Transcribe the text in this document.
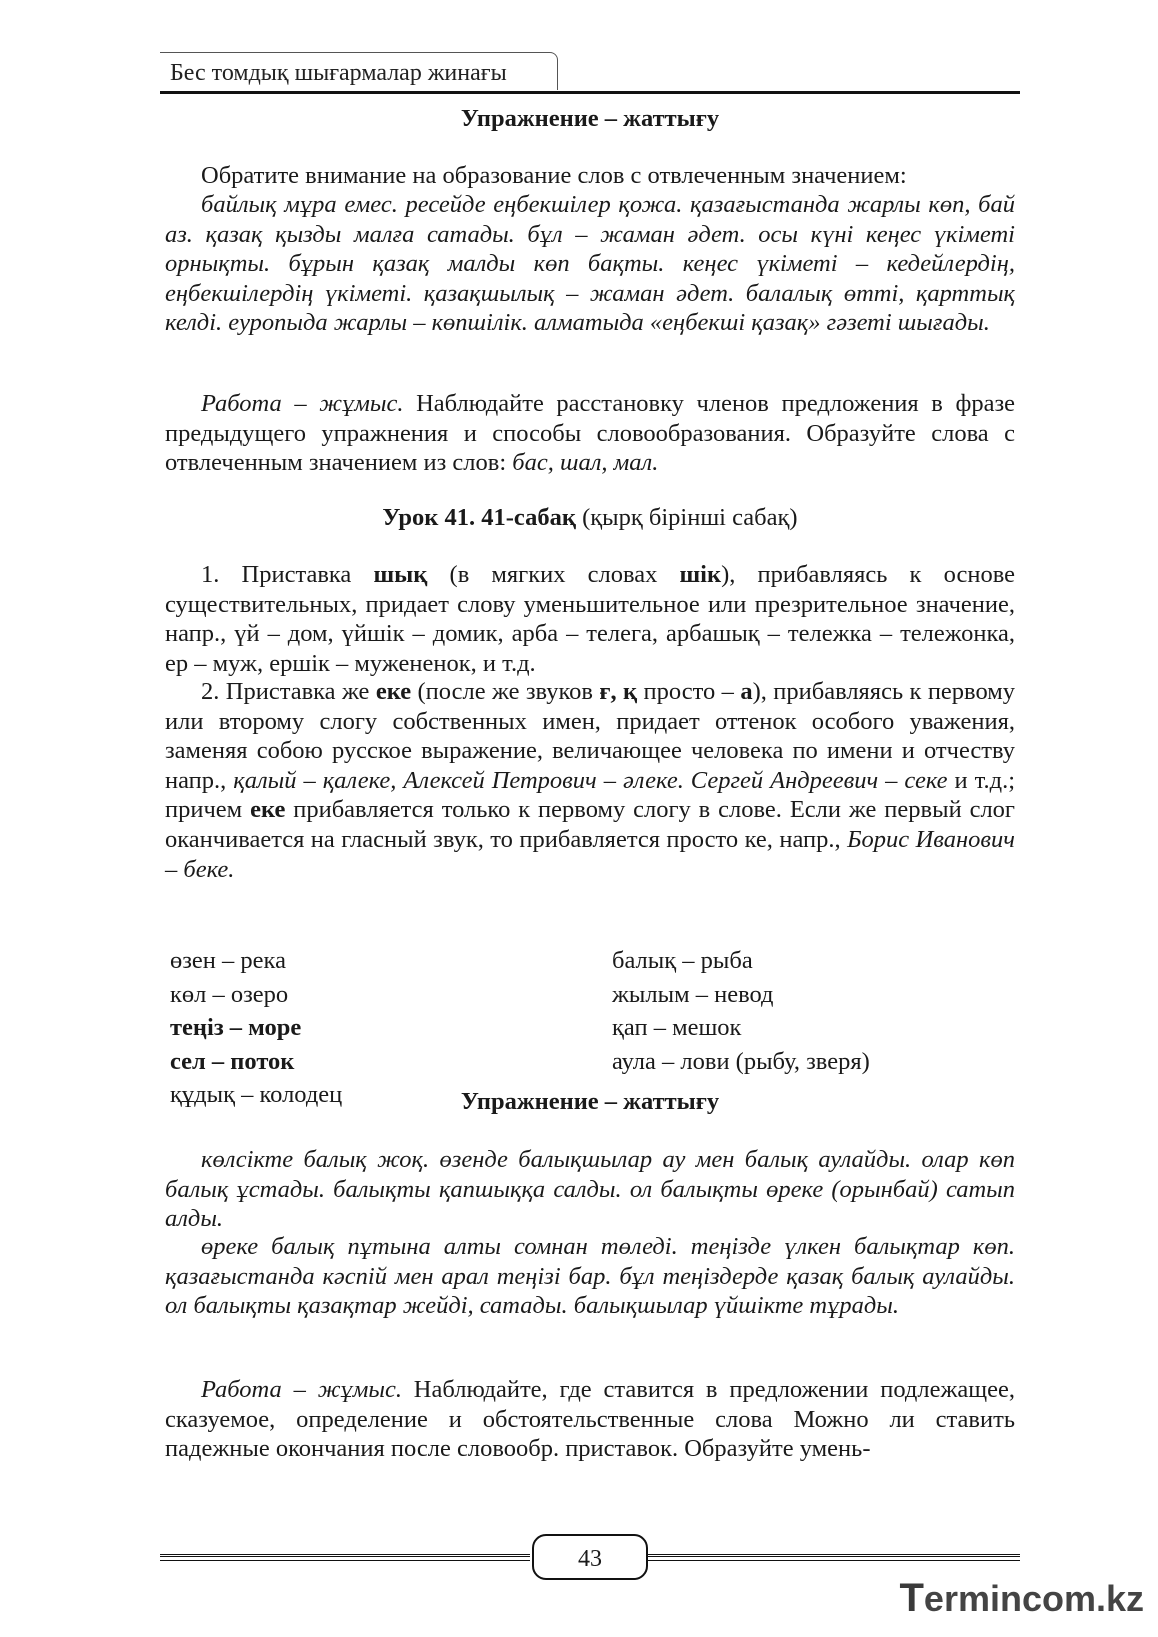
Бес томдық шығармалар жинағы

Упражнение – жаттығу

Обратите внимание на образование слов с отвлеченным значением:

байлық мұра емес. ресейде еңбекшілер қожа. қазағыстанда жарлы көп, бай аз. қазақ қызды малға сатады. бұл – жаман әдет. осы күні кеңес үкіметі орнықты. бұрын қазақ малды көп бақты. кеңес үкіметі – кедейлердің, еңбекшілердің үкіметі. қазақшылық – жаман әдет. балалық өтті, қарттық келді. еуропыда жарлы – көпшілік. алматыда «еңбекші қазақ» гәзеті шығады.

Работа – жұмыс. Наблюдайте расстановку членов предложения в фразе предыдущего упражнения и способы словообразования. Образуйте слова с отвлеченным значением из слов: бас, шал, мал.

Урок 41. 41-сабақ (қырқ бірінші сабақ)

1. Приставка шық (в мягких словах шік), прибавляясь к основе существительных, придает слову уменьшительное или презрительное значение, напр., үй – дом, үйшік – домик, арба – телега, арбашық – тележка – тележонка, ер – муж, ершік – мужененок, и т.д.

2. Приставка же еке (после же звуков ғ, қ просто – а), прибавляясь к первому или второму слогу собственных имен, придает оттенок особого уважения, заменяя собою русское выражение, величающее человека по имени и отчеству напр., қалый – қалеке, Алексей Петрович – әлеке. Сергей Андреевич – секе и т.д.; причем еке прибавляется только к первому слогу в слове. Если же первый слог оканчивается на гласный звук, то прибавляется просто ке, напр., Борис Иванович – беке.

өзен – река
көл – озеро
теңіз – море
сел – поток
құдық – колодец
балық – рыба
жылым – невод
қап – мешок
аула – лови (рыбу, зверя)

Упражнение – жаттығу

көлсікте балық жоқ. өзенде балықшылар ау мен балық аулайды. олар көп балық ұстады. балықты қапшыққа салды. ол балықты өреке (орынбай) сатып алды.

өреке балық пұтына алты сомнан төледі. теңізде үлкен балықтар көп. қазағыстанда кәспій мен арал теңізі бар. бұл теңіздерде қазақ балық аулайды. ол балықты қазақтар жейді, сатады. балықшылар үйшікте тұрады.

Работа – жұмыс. Наблюдайте, где ставится в предложении подлежащее, сказуемое, определение и обстоятельственные слова Можно ли ставить падежные окончания после словообр. приставок. Образуйте умень-

43
Termincom.kz
